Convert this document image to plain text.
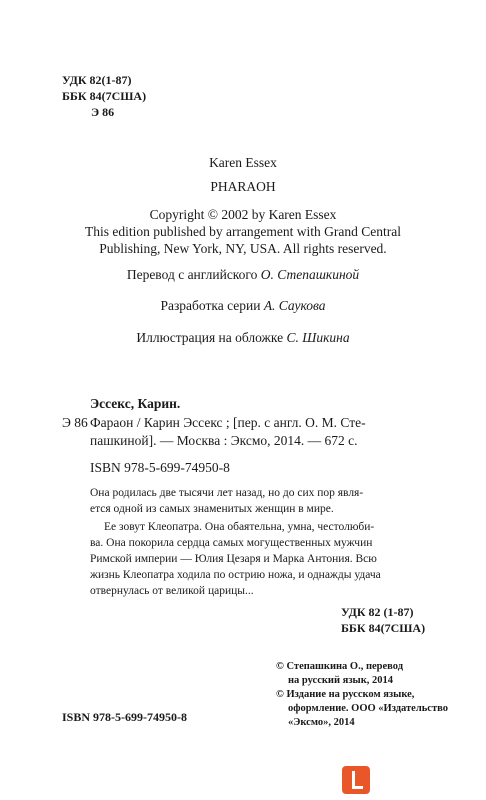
УДК 82(1-87)
ББК 84(7США)
Э 86
Karen Essex
PHARAOH
Copyright © 2002 by Karen Essex
This edition published by arrangement with Grand Central
Publishing, New York, NY, USA. All rights reserved.
Перевод с английского О. Степашкиной
Разработка серии А. Саукова
Иллюстрация на обложке С. Шикина
Эссекс, Карин.
Э 86 Фараон / Карин Эссекс ; [пер. с англ. О. М. Сте-
пашкиной]. — Москва : Эксмо, 2014. — 672 с.
ISBN 978-5-699-74950-8
Она родилась две тысячи лет назад, но до сих пор явля-
ется одной из самых знаменитых женщин в мире.
Ее зовут Клеопатра. Она обаятельна, умна, честолюби-
ва. Она покорила сердца самых могущественных мужчин
Римской империи — Юлия Цезаря и Марка Антония. Всю
жизнь Клеопатра ходила по острию ножа, и однажды удача
отвернулась от великой царицы...
УДК 82 (1-87)
ББК 84(7США)
© Степашкина О., перевод
на русский язык, 2014
© Издание на русском языке,
оформление. ООО «Издательство
«Эксмо», 2014
ISBN 978-5-699-74950-8
